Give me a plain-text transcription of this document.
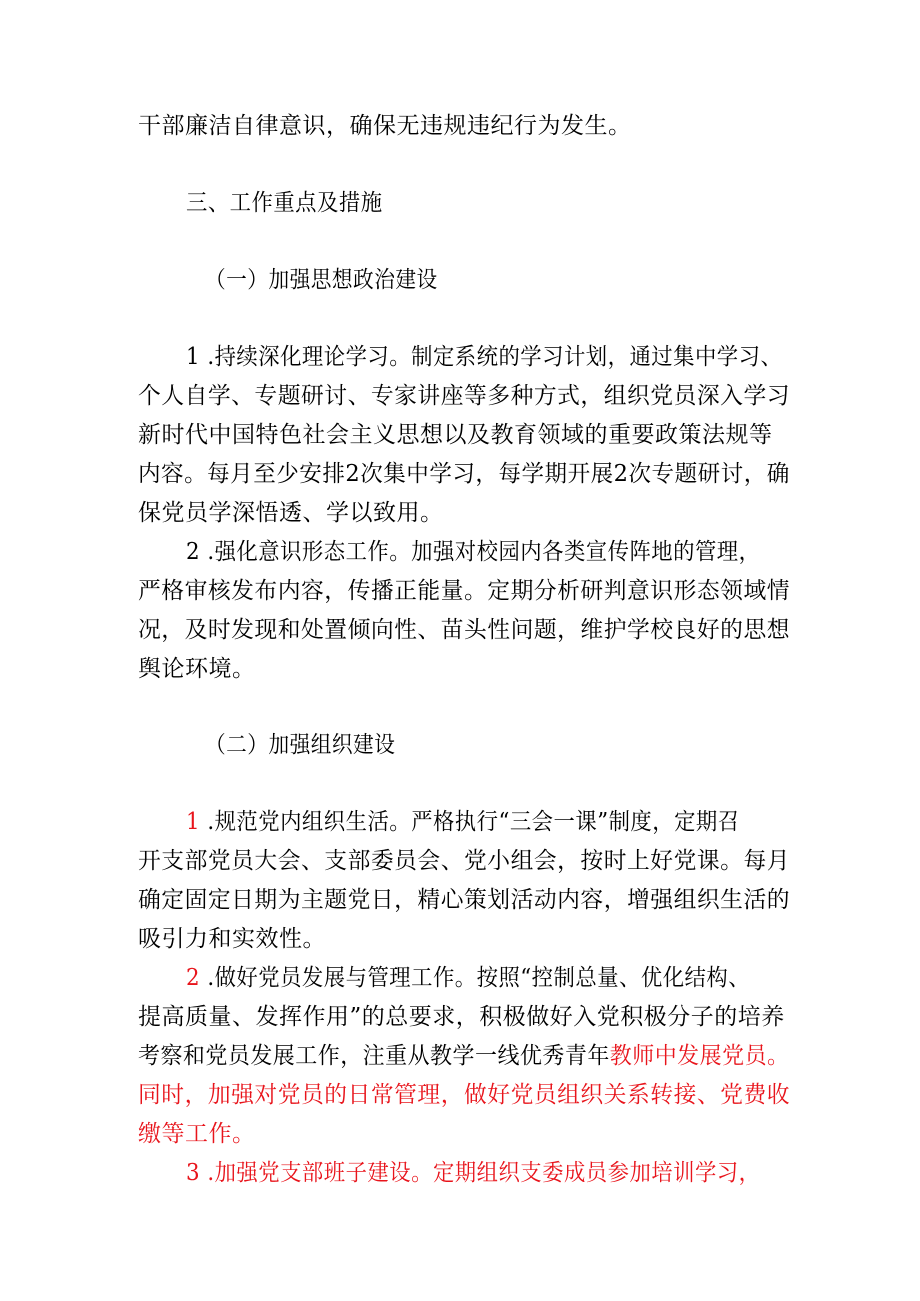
干部廉洁自律意识，确保无违规违纪行为发生。
三、工作重点及措施
（一）加强思想政治建设
1 .持续深化理论学习。制定系统的学习计划，通过集中学习、
个人自学、专题研讨、专家讲座等多种方式，组织党员深入学习
新时代中国特色社会主义思想以及教育领域的重要政策法规等
内容。每月至少安排2次集中学习，每学期开展2次专题研讨，确
保党员学深悟透、学以致用。
2 .强化意识形态工作。加强对校园内各类宣传阵地的管理，
严格审核发布内容，传播正能量。定期分析研判意识形态领域情
况，及时发现和处置倾向性、苗头性问题，维护学校良好的思想
舆论环境。
（二）加强组织建设
1 .规范党内组织生活。严格执行“三会一课”制度，定期召
开支部党员大会、支部委员会、党小组会，按时上好党课。每月
确定固定日期为主题党日，精心策划活动内容，增强组织生活的
吸引力和实效性。
2 .做好党员发展与管理工作。按照“控制总量、优化结构、
提高质量、发挥作用”的总要求，积极做好入党积极分子的培养
考察和党员发展工作，注重从教学一线优秀青年教师中发展党员。
同时，加强对党员的日常管理，做好党员组织关系转接、党费收
缴等工作。
3 .加强党支部班子建设。定期组织支委成员参加培训学习，
